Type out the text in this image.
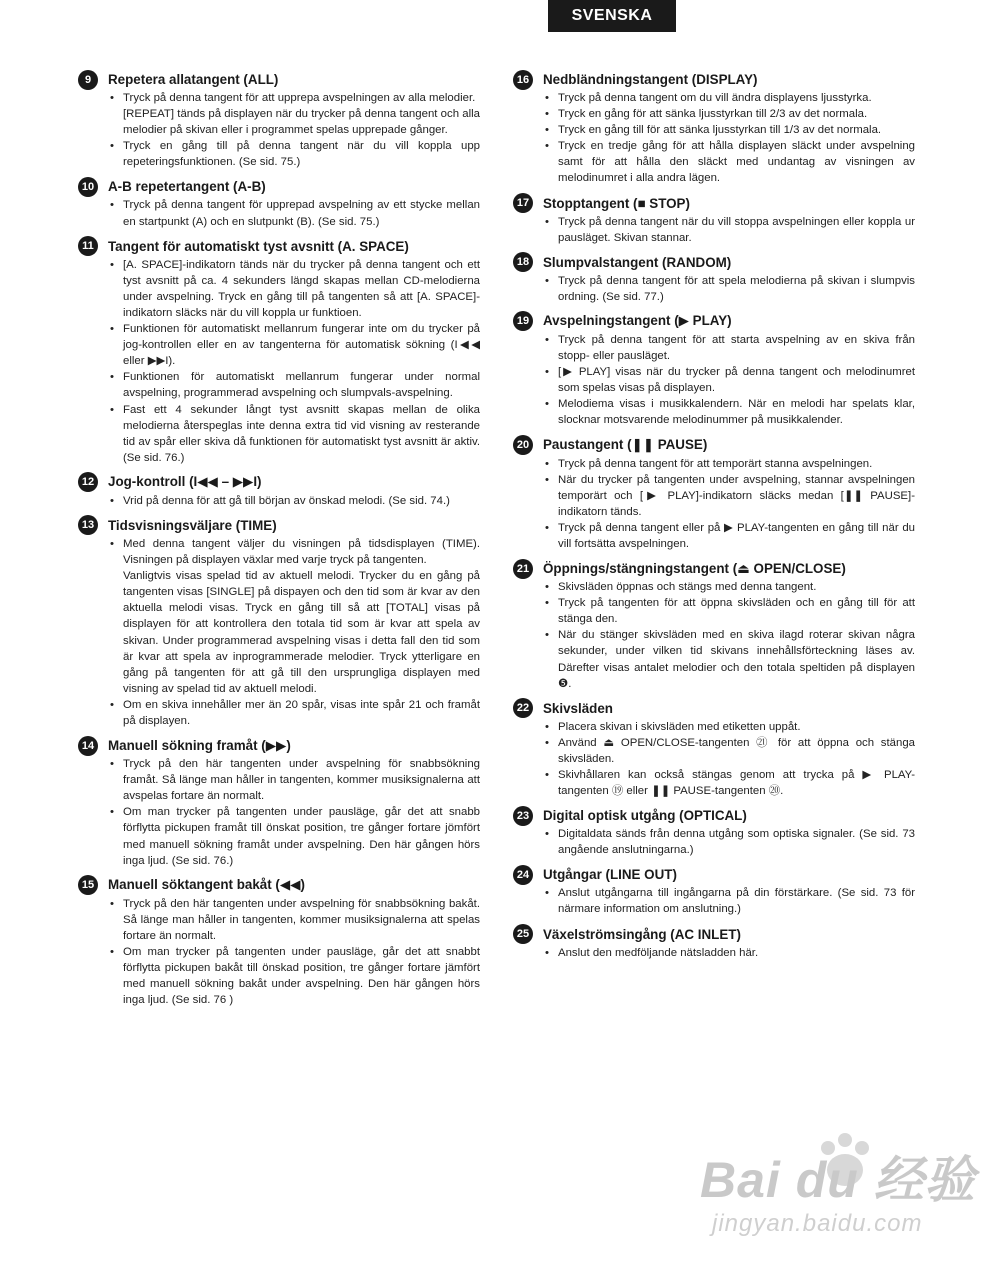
SVENSKA
9	Repetera allatangent (ALL)
• Tryck på denna tangent för att upprepa avspelningen av alla melodier.
[REPEAT] tänds på displayen när du trycker på denna tangent och alla melodier på skivan eller i programmet spelas upprepade gånger.
• Tryck en gång till på denna tangent när du vill koppla upp repeteringsfunktionen. (Se sid. 75.)
10 A-B repetertangent (A-B)
• Tryck på denna tangent för upprepad avspelning av ett stycke mellan en startpunkt (A) och en slutpunkt (B). (Se sid. 75.)
11	Tangent för automatiskt tyst avsnitt (A. SPACE)
• [A. SPACE]-indikatorn tänds när du trycker på denna tangent och ett tyst avsnitt på ca. 4 sekunders längd skapas mellan CD-melodierna under avspelning. Tryck en gång till på tangenten så att [A. SPACE]-indikatorn släcks när du vill koppla ur funktioen.
• Funktionen för automatiskt mellanrum fungerar inte om du trycker på jog-kontrollen eller en av tangenterna för automatisk sökning (I◀◀ eller ▶▶I).
• Funktionen för automatiskt mellanrum fungerar under normal avspelning, programmerad avspelning och slumpvals-avspelning.
• Fast ett 4 sekunder långt tyst avsnitt skapas mellan de olika melodierna återspeglas inte denna extra tid vid visning av resterande tid av spår eller skiva då funktionen för automatiskt tyst avsnitt är aktiv. (Se sid. 76.)
12 Jog-kontroll (I◀◀ – ▶▶I)
• Vrid på denna för att gå till början av önskad melodi. (Se sid. 74.)
13 Tidsvisningsväljare (TIME)
• Med denna tangent väljer du visningen på tidsdisplayen (TIME). Visningen på displayen växlar med varje tryck på tangenten.
Vanligtvis visas spelad tid av aktuell melodi. Trycker du en gång på tangenten visas [SINGLE] på dispayen och den tid som är kvar av den aktuella melodi visas. Tryck en gång till så att [TOTAL] visas på displayen för att kontrollera den totala tid som är kvar att spela av skivan. Under programmerad avspelning visas i detta fall den tid som är kvar att spela av inprogrammerade melodier. Tryck ytterligare en gång på tangenten för att gå till den ursprungliga displayen med visning av spelad tid av aktuell melodi.
• Om en skiva innehåller mer än 20 spår, visas inte spår 21 och framåt på displayen.
14 Manuell sökning framåt (▶▶)
• Tryck på den här tangenten under avspelning för snabbsökning framåt. Så länge man håller in tangenten, kommer musiksignalerna att avspelas fortare än normalt.
• Om man trycker på tangenten under pausläge, går det att snabb förflytta pickupen framåt till önskat position, tre gånger fortare jömfört med manuell sökning framåt under avspelning. Den här gången hörs inga ljud. (Se sid. 76.)
15 Manuell söktangent bakåt (◀◀)
• Tryck på den här tangenten under avspelning för snabbsökning bakåt. Så länge man håller in tangenten, kommer musiksignalerna att spelas fortare än normalt.
• Om man trycker på tangenten under pausläge, går det att snabbt förflytta pickupen bakåt till önskad position, tre gånger fortare jämfört med manuell sökning bakåt under avspelning. Den här gången hörs inga ljud. (Se sid. 76 )
16 Nedbländningstangent (DISPLAY)
• Tryck på denna tangent om du vill ändra displayens ljusstyrka.
• Tryck en gång för att sänka ljusstyrkan till 2/3 av det normala.
• Tryck en gång till för att sänka ljusstyrkan till 1/3 av det normala.
• Tryck en tredje gång för att hålla displayen släckt under avspelning samt för att hålla den släckt med undantag av visningen av melodinumret i alla andra lägen.
17 Stopptangent (■ STOP)
• Tryck på denna tangent när du vill stoppa avspelningen eller koppla ur pausläget. Skivan stannar.
18 Slumpvalstangent (RANDOM)
• Tryck på denna tangent för att spela melodierna på skivan i slumpvis ordning. (Se sid. 77.)
19 Avspelningstangent (▶ PLAY)
• Tryck på denna tangent för att starta avspelning av en skiva från stopp- eller pausläget.
• [▶ PLAY] visas när du trycker på denna tangent och melodinumret som spelas visas på displayen.
• Melodiema visas i musikkalendern. När en melodi har spelats klar, slocknar motsvarende melodinummer på musikkalender.
20 Paustangent (❚❚ PAUSE)
• Tryck på denna tangent för att temporärt stanna avspelningen.
• När du trycker på tangenten under avspelning, stannar avspelningen temporärt och [▶ PLAY]-indikatorn släcks medan [❚❚ PAUSE]-indikatorn tänds.
• Tryck på denna tangent eller på ▶ PLAY-tangenten en gång till när du vill fortsätta avspelningen.
21 Öppnings/stängningstangent (⏏ OPEN/CLOSE)
• Skivsläden öppnas och stängs med denna tangent.
• Tryck på tangenten för att öppna skivsläden och en gång till för att stänga den.
• När du stänger skivsläden med en skiva ilagd roterar skivan några sekunder, under vilken tid skivans innehållsförteckning läses av. Därefter visas antalet melodier och den totala speltiden på displayen ❺.
22 Skivsläden
• Placera skivan i skivsläden med etiketten uppåt.
• Använd ⏏ OPEN/CLOSE-tangenten ㉑ för att öppna och stänga skivsläden.
• Skivhållaren kan också stängas genom att trycka på ▶ PLAY-tangenten ⑲ eller ❚❚ PAUSE-tangenten ⑳.
23 Digital optisk utgång (OPTICAL)
• Digitaldata sänds från denna utgång som optiska signaler. (Se sid. 73 angående anslutningarna.)
24 Utgångar (LINE OUT)
• Anslut utgångarna till ingångarna på din förstärkare. (Se sid. 73 för närmare information om anslutning.)
25 Växelströmsingång (AC INLET)
• Anslut den medföljande nätsladden här.
Bai du 经验
jingyan.baidu.com
